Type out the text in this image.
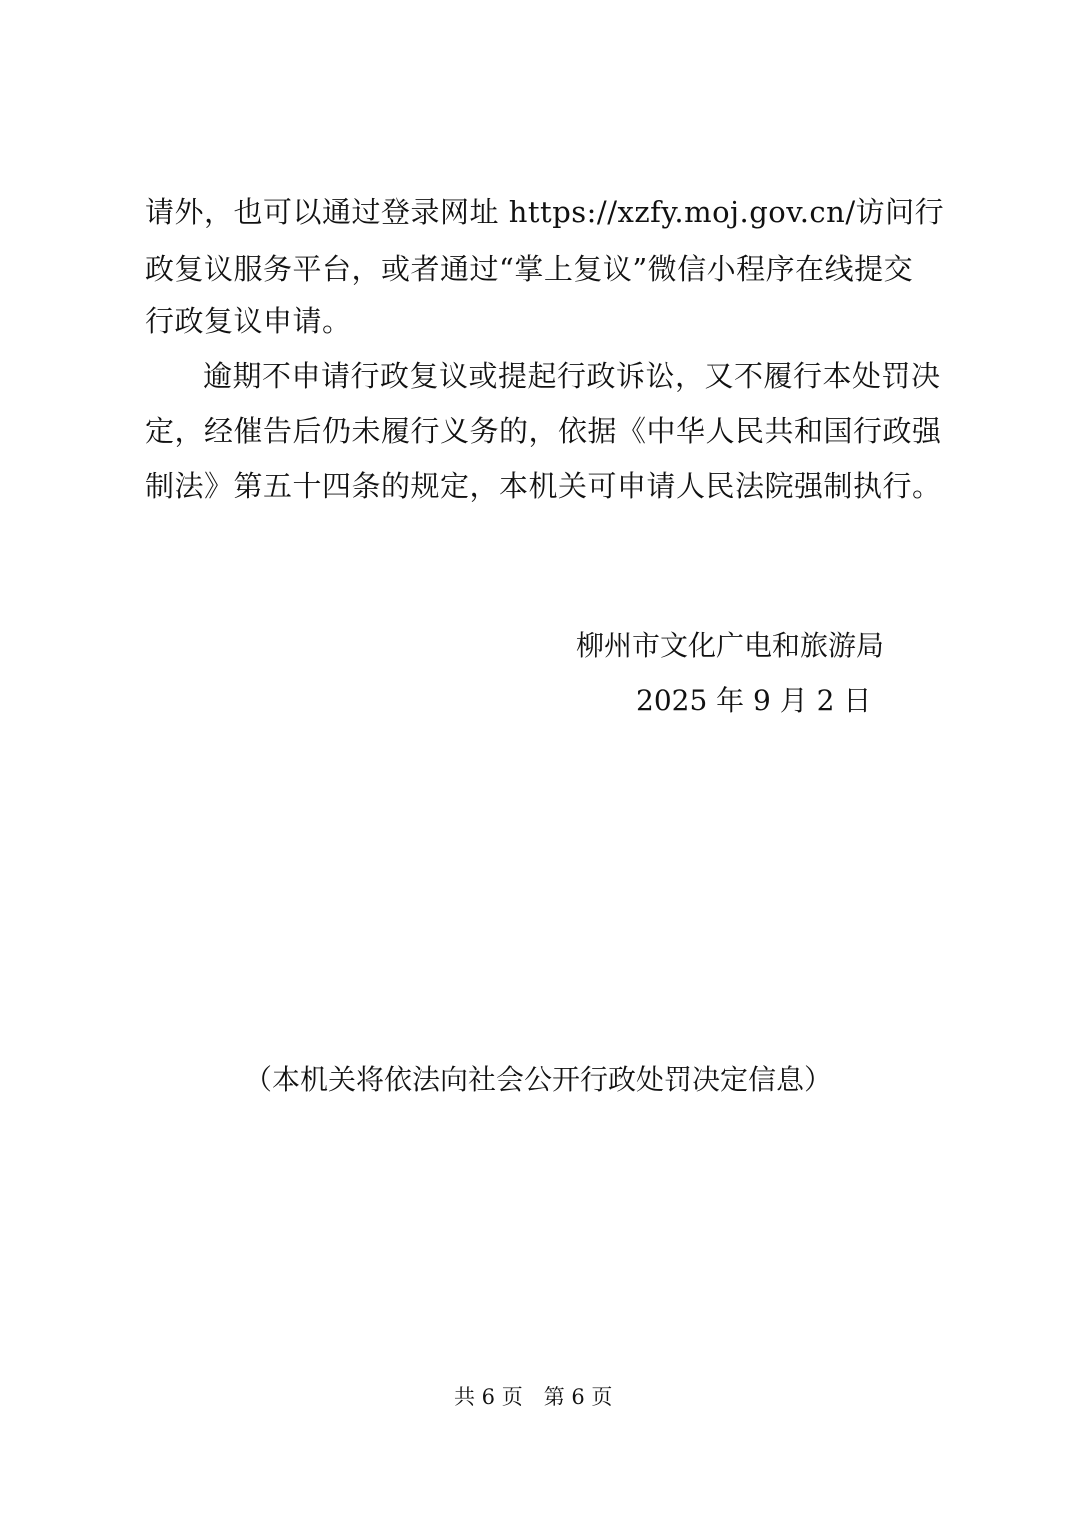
请外，也可以通过登录网址 https://xzfy.moj.gov.cn/访问行
政复议服务平台，或者通过“掌上复议”微信小程序在线提交
行政复议申请。
逾期不申请行政复议或提起行政诉讼，又不履行本处罚决
定，经催告后仍未履行义务的，依据《中华人民共和国行政强
制法》第五十四条的规定，本机关可申请人民法院强制执行。
柳州市文化广电和旅游局
2025 年 9 月 2 日
（本机关将依法向社会公开行政处罚决定信息）
共 6 页　第 6 页
